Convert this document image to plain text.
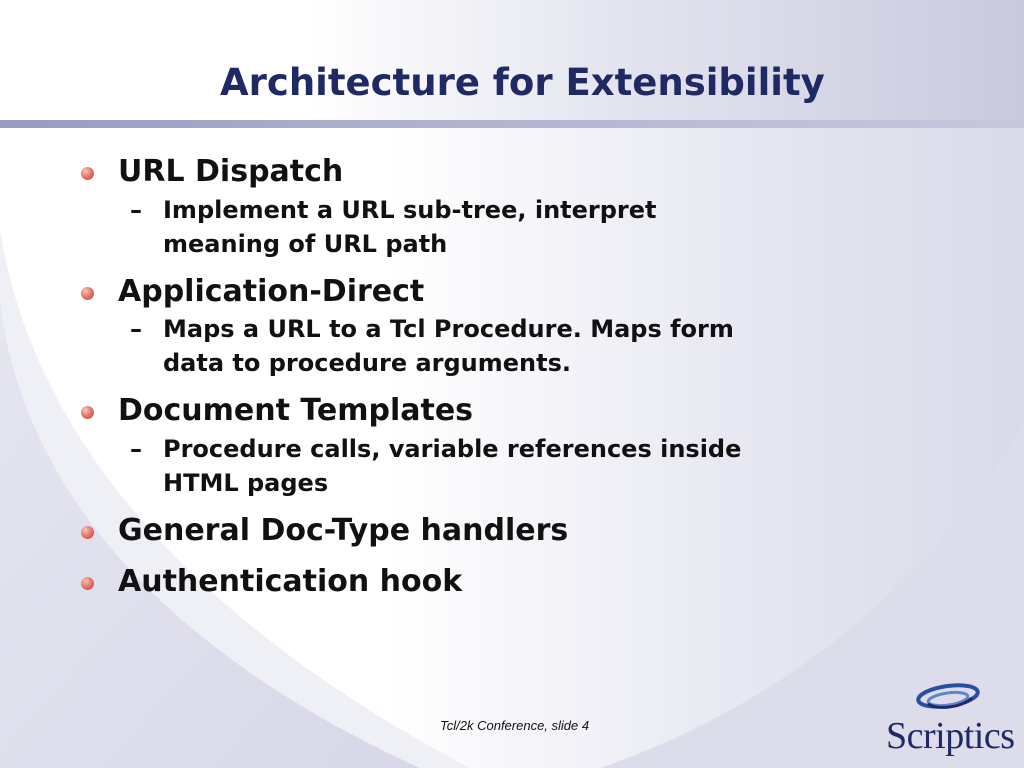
Architecture for Extensibility
URL Dispatch
– Implement a URL sub-tree, interpret
meaning of URL path
Application-Direct
– Maps a URL to a Tcl Procedure. Maps form
data to procedure arguments.
Document Templates
– Procedure calls, variable references inside
HTML pages
General Doc-Type handlers
Authentication hook
Tcl/2k Conference, slide 4	Scriptics
